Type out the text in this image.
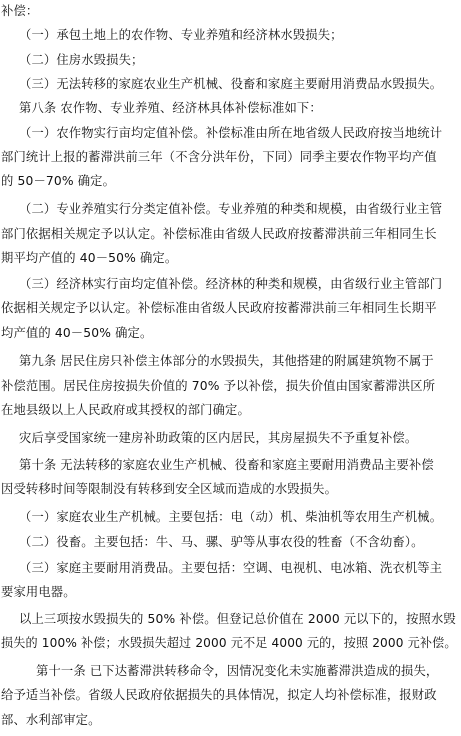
补偿：
（一）承包土地上的农作物、专业养殖和经济林水毁损失；
（二）住房水毁损失；
（三）无法转移的家庭农业生产机械、役畜和家庭主要耐用消费品水毁损失。
第八条 农作物、专业养殖、经济林具体补偿标准如下：
（一）农作物实行亩均定值补偿。补偿标准由所在地省级人民政府按当地统计
部门统计上报的蓄滞洪前三年（不含分洪年份，下同）同季主要农作物平均产值
的 50－70% 确定。
（二）专业养殖实行分类定值补偿。专业养殖的种类和规模，由省级行业主管
部门依据相关规定予以认定。补偿标准由省级人民政府按蓄滞洪前三年相同生长
期平均产值的 40－50% 确定。
（三）经济林实行亩均定值补偿。经济林的种类和规模，由省级行业主管部门
依据相关规定予以认定。补偿标准由省级人民政府按蓄滞洪前三年相同生长期平
均产值的 40－50% 确定。
第九条 居民住房只补偿主体部分的水毁损失，其他搭建的附属建筑物不属于
补偿范围。居民住房按损失价值的 70% 予以补偿，损失价值由国家蓄滞洪区所
在地县级以上人民政府或其授权的部门确定。
灾后享受国家统一建房补助政策的区内居民，其房屋损失不予重复补偿。
第十条 无法转移的家庭农业生产机械、役畜和家庭主要耐用消费品主要补偿
因受转移时间等限制没有转移到安全区域而造成的水毁损失。
（一）家庭农业生产机械。主要包括：电（动）机、柴油机等农用生产机械。
（二）役畜。主要包括：牛、马、骡、驴等从事农役的牲畜（不含幼畜）。
（三）家庭主要耐用消费品。主要包括：空调、电视机、电冰箱、洗衣机等主
要家用电器。
以上三项按水毁损失的 50% 补偿。但登记总价值在 2000 元以下的，按照水毁
损失的 100% 补偿；水毁损失超过 2000 元不足 4000 元的，按照 2000 元补偿。
第十一条 已下达蓄滞洪转移命令，因情况变化未实施蓄滞洪造成的损失，
给予适当补偿。省级人民政府依据损失的具体情况，拟定人均补偿标准，报财政
部、水利部审定。
